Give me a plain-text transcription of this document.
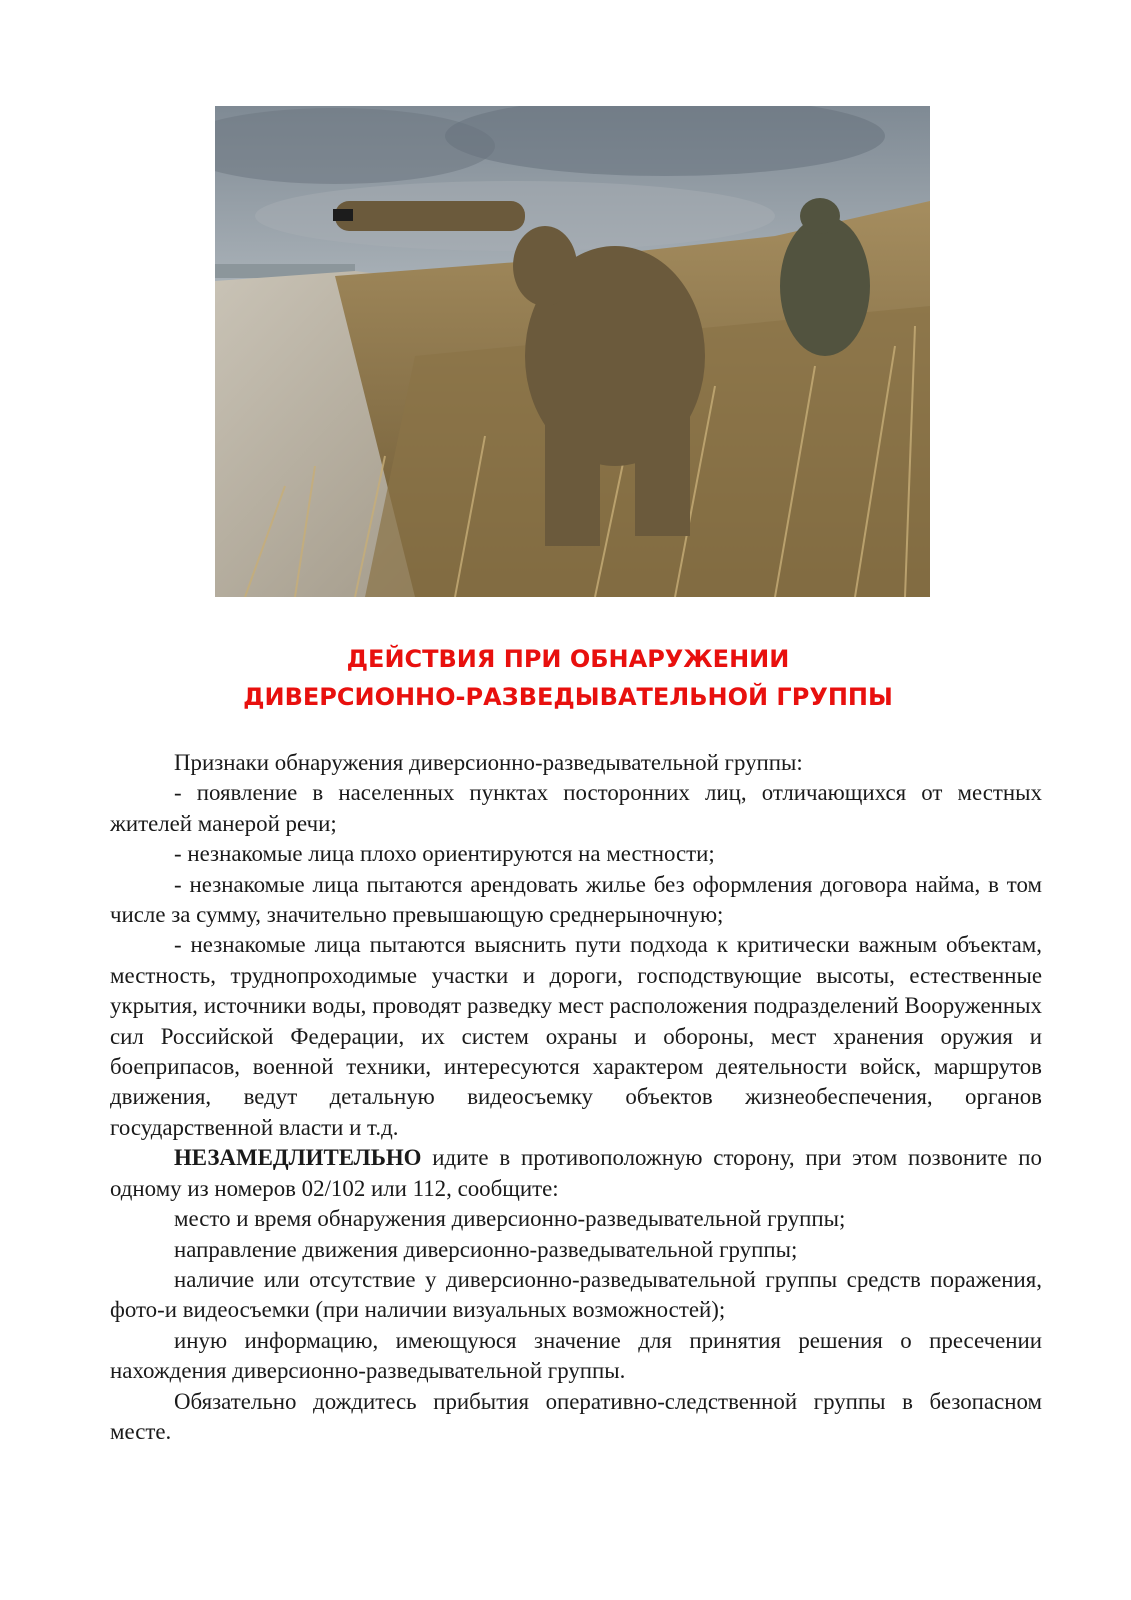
ДЕЙСТВИЯ ПРИ ОБНАРУЖЕНИИ
ДИВЕРСИОННО-РАЗВЕДЫВАТЕЛЬНОЙ ГРУППЫ

Признаки обнаружения диверсионно-разведывательной группы:

- появление в населенных пунктах посторонних лиц, отличающихся от местных жителей манерой речи;

- незнакомые лица плохо ориентируются на местности;

- незнакомые лица пытаются арендовать жилье без оформления договора найма, в том числе за сумму, значительно превышающую среднерыночную;

- незнакомые лица пытаются выяснить пути подхода к критически важным объектам, местность, труднопроходимые участки и дороги, господствующие высоты, естественные укрытия, источники воды, проводят разведку мест расположения подразделений Вооруженных сил Российской Федерации, их систем охраны и обороны, мест хранения оружия и боеприпасов, военной техники, интересуются характером деятельности войск, маршрутов движения, ведут детальную видеосъемку объектов жизнеобеспечения, органов государственной власти и т.д.

НЕЗАМЕДЛИТЕЛЬНО идите в противоположную сторону, при этом позвоните по одному из номеров 02/102 или 112, сообщите:

место и время обнаружения диверсионно-разведывательной группы;

направление движения диверсионно-разведывательной группы;

наличие или отсутствие у диверсионно-разведывательной группы средств поражения, фото-и видеосъемки (при наличии визуальных возможностей);

иную информацию, имеющуюся значение для принятия решения о пресечении нахождения диверсионно-разведывательной группы.

Обязательно дождитесь прибытия оперативно-следственной группы в безопасном месте.
